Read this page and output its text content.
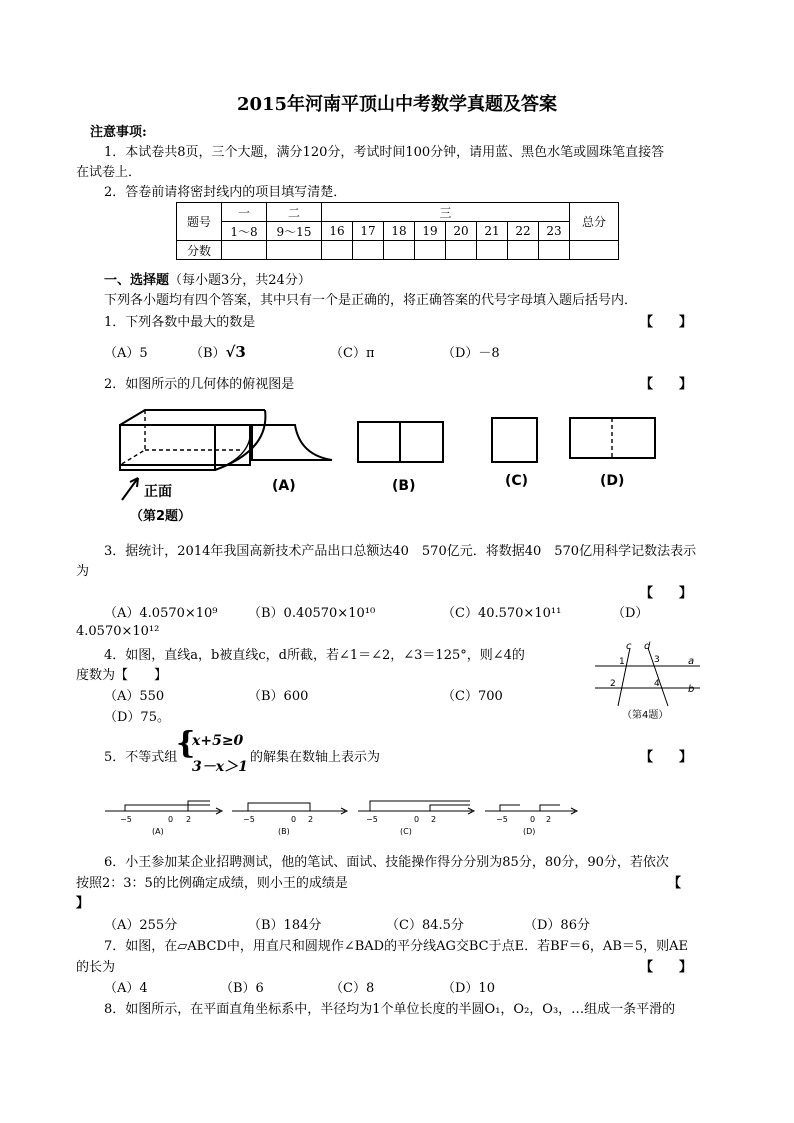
2015年河南平顶山中考数学真题及答案
注意事项:
1．本试卷共8页，三个大题，满分120分，考试时间100分钟，请用蓝、黑色水笔或圆珠笔直接答
在试卷上．
2．答卷前请将密封线内的项目填写清楚．
题号	一	二	三								总分
	1～8	9～15	16	17	18	19	20	21	22	23	
分数											
一、选择题（每小题3分，共24分）
下列各小题均有四个答案，其中只有一个是正确的，将正确答案的代号字母填入题后括号内．
1．下列各数中最大的数是	【　　】
（A）5	（B）√3	（C）π	（D）－8
2．如图所示的几何体的俯视图是	【　　】
正面
（第2题）
(A)	(B)	(C)	(D)
3．据统计，2014年我国高新技术产品出口总额达40　570亿元．将数据40　570亿用科学记数法表示
为
【　　】
（A）4.0570×10⁹ （B）0.40570×10¹⁰	（C）40.570×10¹¹	（D）
4.0570×10¹²
4．如图，直线a，b被直线c，d所截，若∠1＝∠2，∠3＝125°，则∠4的
度数为【　　】
（A）550	（B）600	（C）700
（D）75。
c d
a
b
1
2
3
4
（第4题）
5．不等式组
{
x+5≥0
3－x＞1
的解集在数轴上表示为	【　　】
−5	0 2	−5	0 2	−5	0 2	−5	0 2
(A)	(B)	(C)	(D)
6．小王参加某企业招聘测试，他的笔试、面试、技能操作得分分别为85分，80分，90分，若依次
按照2：3：5的比例确定成绩，则小王的成绩是	【
】
（A）255分	（B）184分	（C）84.5分	（D）86分
7．如图，在▱ABCD中，用直尺和圆规作∠BAD的平分线AG交BC于点E．若BF＝6，AB＝5，则AE
的长为	【　　】
（A）4	（B）6	（C）8	（D）10
8．如图所示，在平面直角坐标系中，半径均为1个单位长度的半圆O₁，O₂，O₃，…组成一条平滑的
